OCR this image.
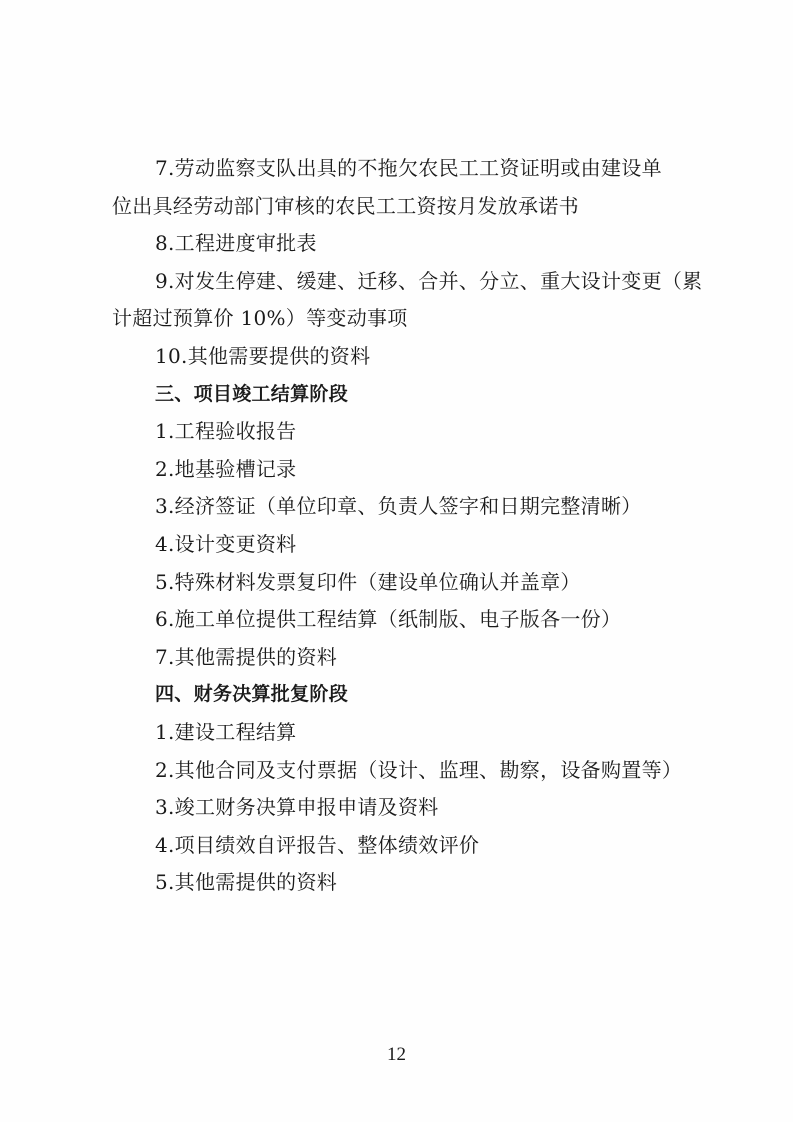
7.劳动监察支队出具的不拖欠农民工工资证明或由建设单
位出具经劳动部门审核的农民工工资按月发放承诺书
8.工程进度审批表
9.对发生停建、缓建、迁移、合并、分立、重大设计变更（累
计超过预算价 10%）等变动事项
10.其他需要提供的资料
三、项目竣工结算阶段
1.工程验收报告
2.地基验槽记录
3.经济签证（单位印章、负责人签字和日期完整清晰）
4.设计变更资料
5.特殊材料发票复印件（建设单位确认并盖章）
6.施工单位提供工程结算（纸制版、电子版各一份）
7.其他需提供的资料
四、财务决算批复阶段
1.建设工程结算
2.其他合同及支付票据（设计、监理、勘察，设备购置等）
3.竣工财务决算申报申请及资料
4.项目绩效自评报告、整体绩效评价
5.其他需提供的资料
12
